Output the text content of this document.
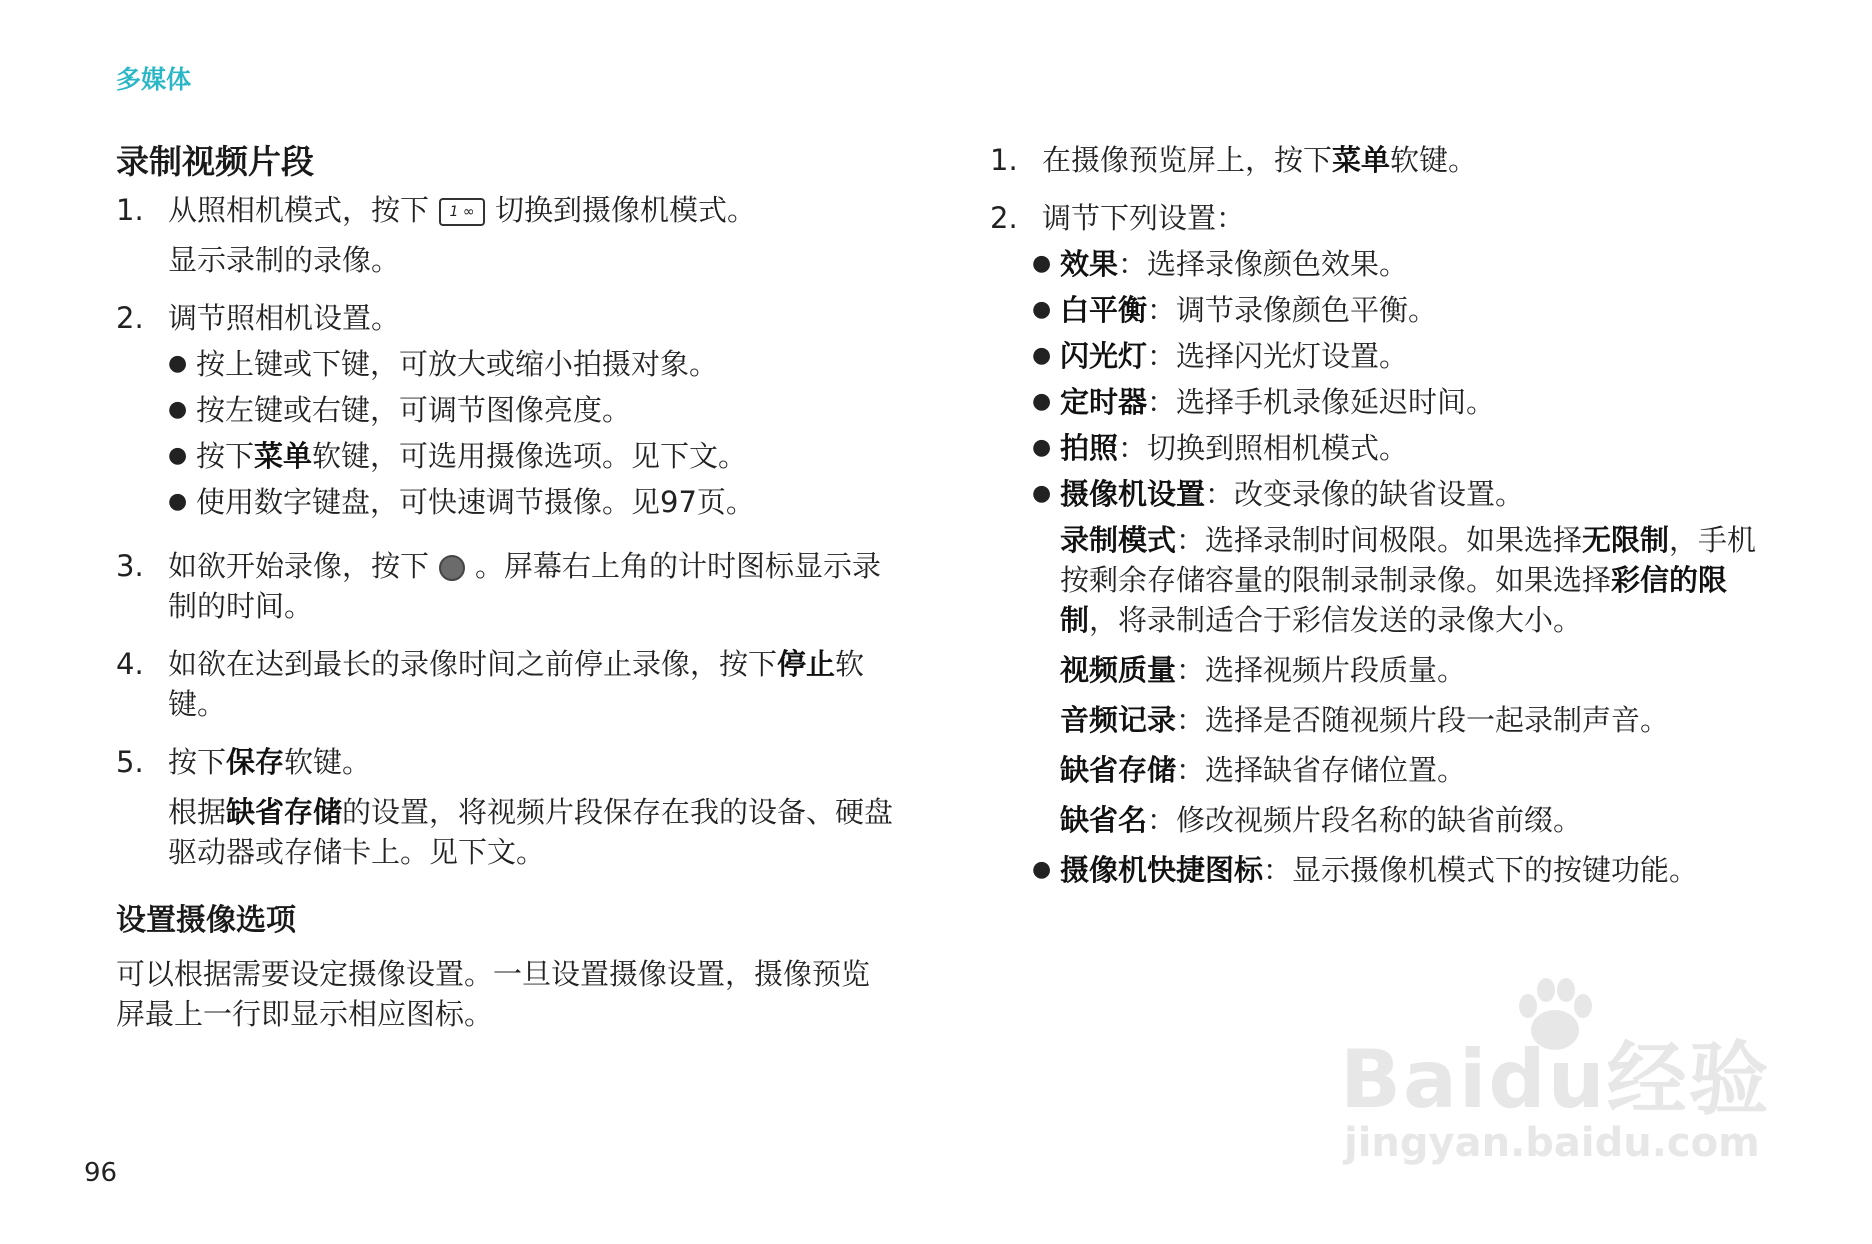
多媒体
录制视频片段
1. 从照相机模式，按下 1 ∞ 切换到摄像机模式。
显示录制的录像。
2. 调节照相机设置。
● 按上键或下键，可放大或缩小拍摄对象。
● 按左键或右键，可调节图像亮度。
● 按下菜单软键，可选用摄像选项。见下文。
● 使用数字键盘，可快速调节摄像。见97页。
3. 如欲开始录像，按下 。屏幕右上角的计时图标显示录制的时间。
4. 如欲在达到最长的录像时间之前停止录像，按下停止软键。
5. 按下保存软键。
根据缺省存储的设置，将视频片段保存在我的设备、硬盘驱动器或存储卡上。见下文。
设置摄像选项

可以根据需要设定摄像设置。一旦设置摄像设置，摄像预览屏最上一行即显示相应图标。

1. 在摄像预览屏上，按下菜单软键。
2. 调节下列设置：
● 效果：选择录像颜色效果。
● 白平衡：调节录像颜色平衡。
● 闪光灯：选择闪光灯设置。
● 定时器：选择手机录像延迟时间。
● 拍照：切换到照相机模式。
● 摄像机设置：改变录像的缺省设置。
录制模式：选择录制时间极限。如果选择无限制，手机按剩余存储容量的限制录制录像。如果选择彩信的限制，将录制适合于彩信发送的录像大小。
视频质量：选择视频片段质量。
音频记录：选择是否随视频片段一起录制声音。
缺省存储：选择缺省存储位置。
缺省名：修改视频片段名称的缺省前缀。
● 摄像机快捷图标：显示摄像机模式下的按键功能。
96
Baidu经验
jingyan.baidu.com
